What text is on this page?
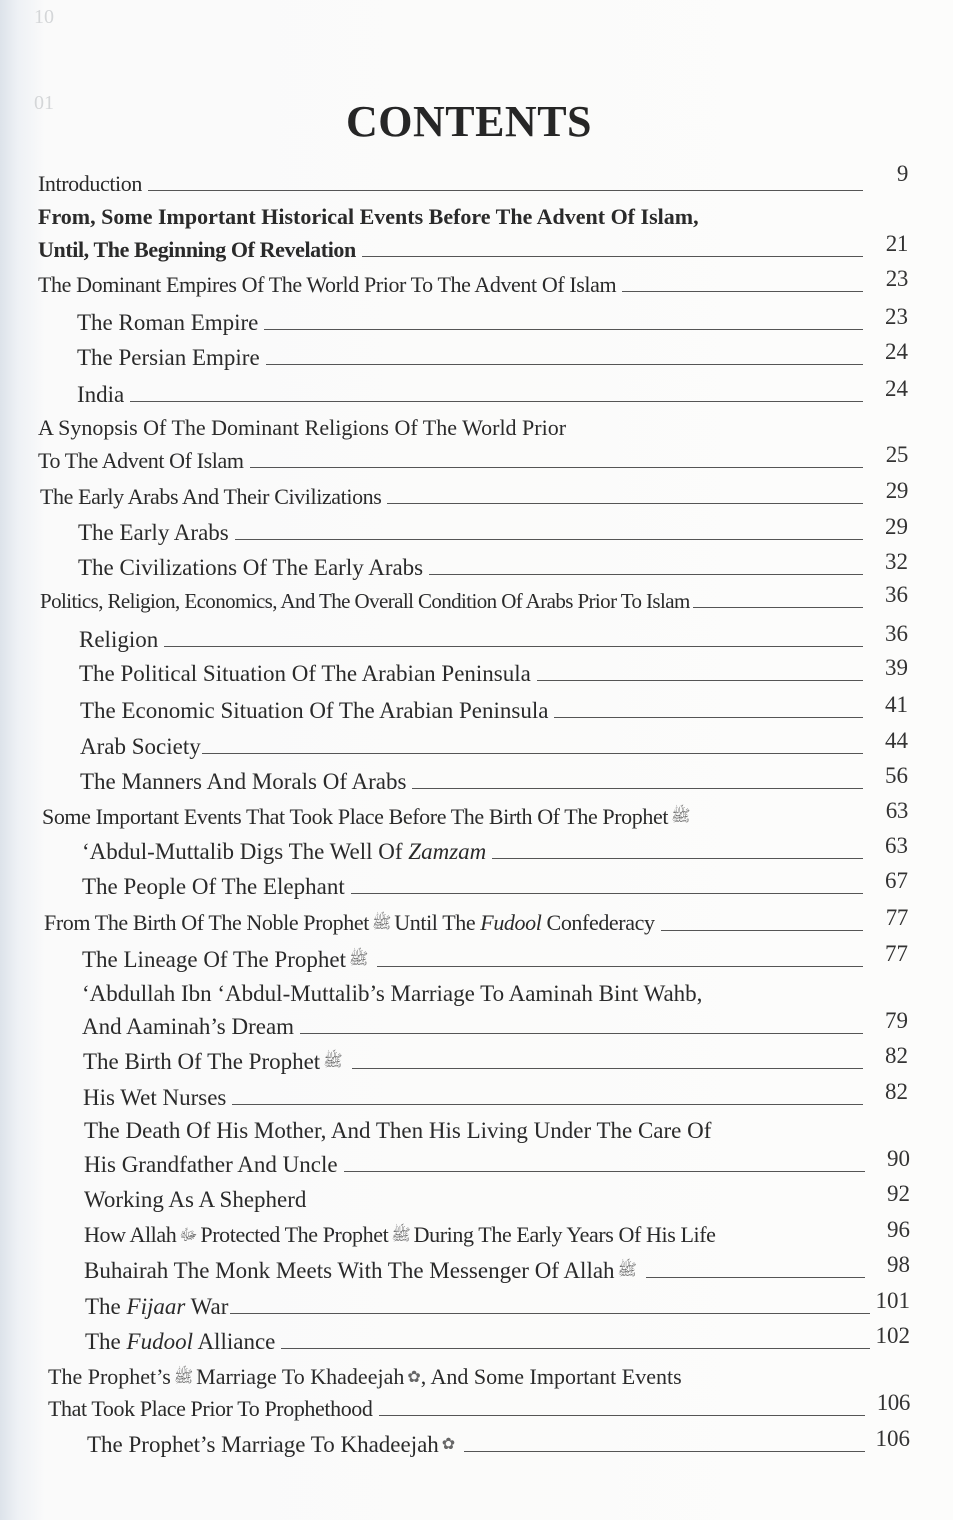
10
01	CONTENTS
Introduction	9
From, Some Important Historical Events Before The Advent Of Islam,
Until, The Beginning Of Revelation	21
The Dominant Empires Of The World Prior To The Advent Of Islam	23
The Roman Empire	23
The Persian Empire	24
India	24
A Synopsis Of The Dominant Religions Of The World Prior
To The Advent Of Islam	25
The Early Arabs And Their Civilizations	29
The Early Arabs	29
The Civilizations Of The Early Arabs	32
Politics, Religion, Economics, And The Overall Condition Of Arabs Prior To Islam	36
Religion	36
The Political Situation Of The Arabian Peninsula	39
The Economic Situation Of The Arabian Peninsula	41
Arab Society	44
The Manners And Morals Of Arabs	56
Some Important Events That Took Place Before The Birth Of The Prophet ﷺ	63
‘Abdul-Muttalib Digs The Well Of Zamzam	63
The People Of The Elephant	67
From The Birth Of The Noble Prophet ﷺ Until The Fudool Confederacy	77
The Lineage Of The Prophet ﷺ	77
‘Abdullah Ibn ‘Abdul-Muttalib’s Marriage To Aaminah Bint Wahb,
And Aaminah’s Dream	79
The Birth Of The Prophet ﷺ	82
His Wet Nurses	82
The Death Of His Mother, And Then His Living Under The Care Of
His Grandfather And Uncle	90
Working As A Shepherd	92
How Allah ﷻ Protected The Prophet ﷺ During The Early Years Of His Life	96
Buhairah The Monk Meets With The Messenger Of Allah ﷺ	98
The Fijaar War	101
The Fudool Alliance	102
The Prophet’s ﷺ Marriage To Khadeejah ✿, And Some Important Events
That Took Place Prior To Prophethood	106
The Prophet’s Marriage To Khadeejah ✿	106
